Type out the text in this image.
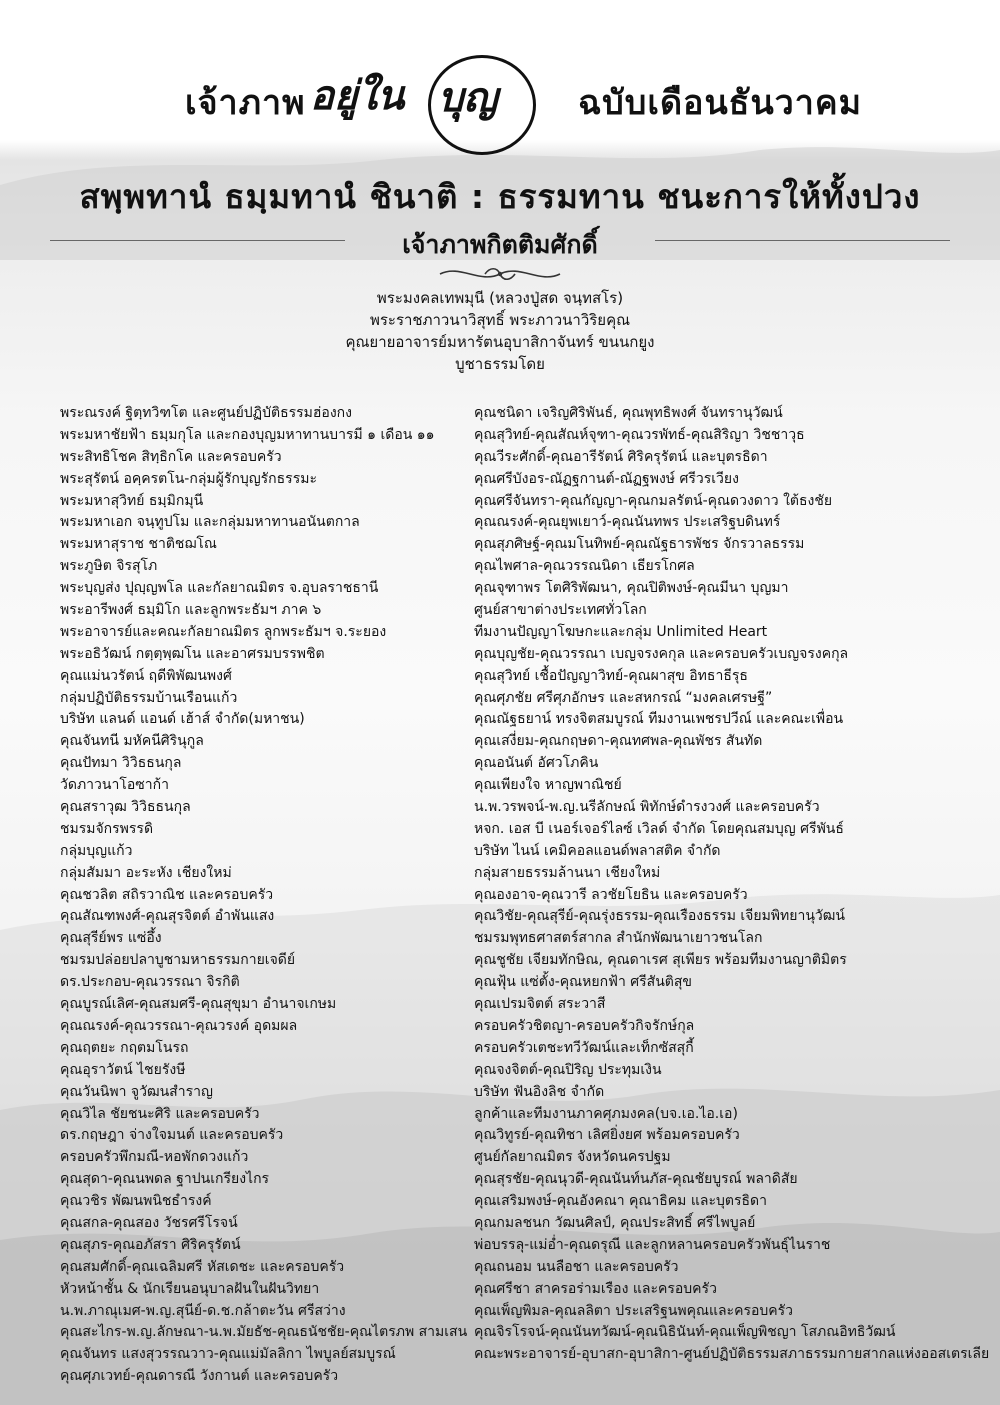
เจ้าภาพ อยู่ใน บุญ ฉบับเดือนธันวาคม
สพฺพทานํ ธมฺมทานํ ชินาติ : ธรรมทาน ชนะการให้ทั้งปวง
เจ้าภาพกิตติมศักดิ์
พระมงคลเทพมุนี (หลวงปู่สด จนฺทสโร)
พระราชภาวนาวิสุทธิ์ พระภาวนาวิริยคุณ
คุณยายอาจารย์มหารัตนอุบาสิกาจันทร์ ขนนกยูง
บูชาธรรมโดย
พระณรงค์ ฐิตฺทวิฑโต และศูนย์ปฏิบัติธรรมฮ่องกง
พระมหาชัยฟ้า ธมฺมกุโล และกองบุญมหาทานบารมี ๑ เดือน ๑๑
พระสิทธิโชค สิทฺธิกโค และครอบครัว
พระสุรัตน์ อคฺครตโน-กลุ่มผู้รักบุญรักธรรมะ
พระมหาสุวิทย์ ธมฺมิกมุนี
พระมหาเอก จนฺทูปโม และกลุ่มมหาทานอนันตกาล
พระมหาสุราช ชาติชฌโณ
พระภูษิต จิรสุโภ
พระบุญส่ง ปุญฺญพโล และกัลยาณมิตร จ.อุบลราชธานี
พระอารีพงศ์ ธมฺมิโก และลูกพระธัมฯ ภาค ๖
พระอาจารย์และคณะกัลยาณมิตร ลูกพระธัมฯ จ.ระยอง
พระอธิวัฒน์ กตฺตฺพฺฒโน และอาศรมบรรพชิต
คุณแม่นวรัตน์ ฤดีพิพัฒนพงศ์
กลุ่มปฏิบัติธรรมบ้านเรือนแก้ว
บริษัท แลนด์ แอนด์ เฮ้าส์ จำกัด(มหาชน)
คุณจันทนี มหัคนีศิรินุกูล
คุณปัทมา วิวิธธนกุล
วัดภาวนาโอซาก้า
คุณสราวุฒ วิวิธธนกุล
ชมรมจักรพรรดิ
กลุ่มบุญแก้ว
กลุ่มสัมมา อะระหัง เชียงใหม่
คุณชวลิต สถิรวาณิช และครอบครัว
คุณสัณฑพงศ์-คุณสุรจิตต์ อำพันแสง
คุณสุรีย์พร แซ่อึ้ง
ชมรมปล่อยปลาบูชามหาธรรมกายเจดีย์
ดร.ประกอบ-คุณวรรณา จิรกิติ
คุณบูรณ์เลิศ-คุณสมศรี-คุณสุขุมา อำนาจเกษม
คุณณรงค์-คุณวรรณา-คุณวรงค์ อุดมผล
คุณฤตยะ กฤตมโนรถ
คุณอุราวัตน์ ไชยรังษี
คุณวันนิพา จูวัฒนสำราญ
คุณวิไล ชัยชนะศิริ และครอบครัว
ดร.กฤษฎา จ่างใจมนต์ และครอบครัว
ครอบครัวพึกมณี-หอพักดวงแก้ว
คุณสุดา-คุณนพดล ฐาปนเกรียงไกร
คุณวชิร พัฒนพนิชธำรงค์
คุณสกล-คุณสอง วัชรศรีโรจน์
คุณสุภร-คุณอภัสรา ศิริครุรัตน์
คุณสมศักดิ์-คุณเฉลิมศรี หัสเดชะ และครอบครัว
หัวหน้าชั้น & นักเรียนอนุบาลฝันในฝันวิทยา
น.พ.ภาณุเมศ-พ.ญ.สุนีย์-ด.ช.กล้าตะวัน ศรีสว่าง
คุณสะไกร-พ.ญ.ลักษณา-น.พ.มัยธัช-คุณธนัชชัย-คุณไตรภพ สามเสน
คุณจันทร แสงสุวรรณวาว-คุณแม่มัลลิกา ไพบูลย์สมบูรณ์
คุณศุภเวทย์-คุณดารณี วังกานต์ และครอบครัว
คุณชนิดา เจริญศิริพันธ์, คุณพุทธิพงศ์ จันทรานุวัฒน์
คุณสุวิทย์-คุณสัณห์จุฑา-คุณวรพัทธ์-คุณสิริญา วิชชาวุธ
คุณวีระศักดิ์-คุณอารีรัตน์ ศิริครุรัตน์ และบุตรธิดา
คุณศรีบังอร-ณัฏฐกานต์-ณัฏฐพงษ์ ศรีวรเวียง
คุณศรีจันทรา-คุณกัญญา-คุณกมลรัตน์-คุณดวงดาว ใต้ธงชัย
คุณณรงค์-คุณยุพเยาว์-คุณนันทพร ประเสริฐบดินทร์
คุณสุภศิษฐ์-คุณมโนทิพย์-คุณณัฐธารพัชร จักรวาลธรรม
คุณไพศาล-คุณวรรณนิดา เธียรโกศล
คุณจุฑาพร โตศิริพัฒนา, คุณปิติพงษ์-คุณมีนา บุญมา
ศูนย์สาขาต่างประเทศทั่วโลก
ทีมงานปัญญาโฆษกะและกลุ่ม Unlimited Heart
คุณบุญชัย-คุณวรรณา เบญจรงคกุล และครอบครัวเบญจรงคกุล
คุณสุวิทย์ เชื้อปัญญาวิทย์-คุณผาสุข อิทธาธีรุธ
คุณศุภชัย ศรีศุภอักษร และสหกรณ์ “มงคลเศรษฐี”
คุณณัฐธยาน์ ทรงจิตสมบูรณ์ ทีมงานเพชรปวีณ์ และคณะเพื่อน
คุณเสงี่ยม-คุณกฤษดา-คุณทศพล-คุณพัชร สันทัด
คุณอนันต์ อัศวโภคิน
คุณเพียงใจ หาญพาณิชย์
น.พ.วรพจน์-พ.ญ.นรีลักษณ์ พิทักษ์ดำรงวงศ์ และครอบครัว
หจก. เอส บี เนอร์เจอร์ไลซ์ เวิลด์ จำกัด โดยคุณสมบุญ ศรีพันธ์
บริษัท ไนน์ เคมิคอลแอนด์พลาสติค จำกัด
กลุ่มสายธรรมล้านนา เชียงใหม่
คุณองอาจ-คุณวารี ลวชัยโยธิน และครอบครัว
คุณวิชัย-คุณสุรีย์-คุณรุ่งธรรม-คุณเรืองธรรม เจียมพิทยานุวัฒน์
ชมรมพุทธศาสตร์สากล สำนักพัฒนาเยาวชนโลก
คุณชูชัย เจียมทักษิณ, คุณดาเรศ สุเพียร พร้อมทีมงานญาติมิตร
คุณฟุ้น แซ่ตั้ง-คุณหยกฟ้า ศรีสันติสุข
คุณเปรมจิตต์ สระวาสี
ครอบครัวชิตญา-ครอบครัวกิจรักษ์กุล
ครอบครัวเตชะทวีวัฒน์และเท็กซัสสุกี้
คุณจงจิตต์-คุณปิริญ ประทุมเงิน
บริษัท ฟันอิงลิช จำกัด
ลูกค้าและทีมงานภาคศุภมงคล(บจ.เอ.ไอ.เอ)
คุณวิทูรย์-คุณทิชา เลิศยิ่งยศ พร้อมครอบครัว
ศูนย์กัลยาณมิตร จังหวัดนครปฐม
คุณสุรชัย-คุณนุวดี-คุณนันท์นภัส-คุณชัยบูรณ์ พลาดิสัย
คุณเสริมพงษ์-คุณอังคณา คุณาธิคม และบุตรธิดา
คุณกมลชนก วัฒนศิลป์, คุณประสิทธิ์ ศรีไพบูลย์
พ่อบรรลุ-แม่อ่ำ-คุณดรุณี และลูกหลานครอบครัวพันธุ์ไนราช
คุณถนอม นนลือชา และครอบครัว
คุณศรีชา สาครอร่ามเรือง และครอบครัว
คุณเพ็ญพิมล-คุณลลิตา ประเสริฐนพคุณและครอบครัว
คุณจิรโรจน์-คุณนันทวัฒน์-คุณนิธินันท์-คุณเพ็ญพิชญา โสภณอิทธิวัฒน์
คณะพระอาจารย์-อุบาสก-อุบาสิกา-ศูนย์ปฏิบัติธรรมสภาธรรมกายสากลแห่งออสเตรเลีย
